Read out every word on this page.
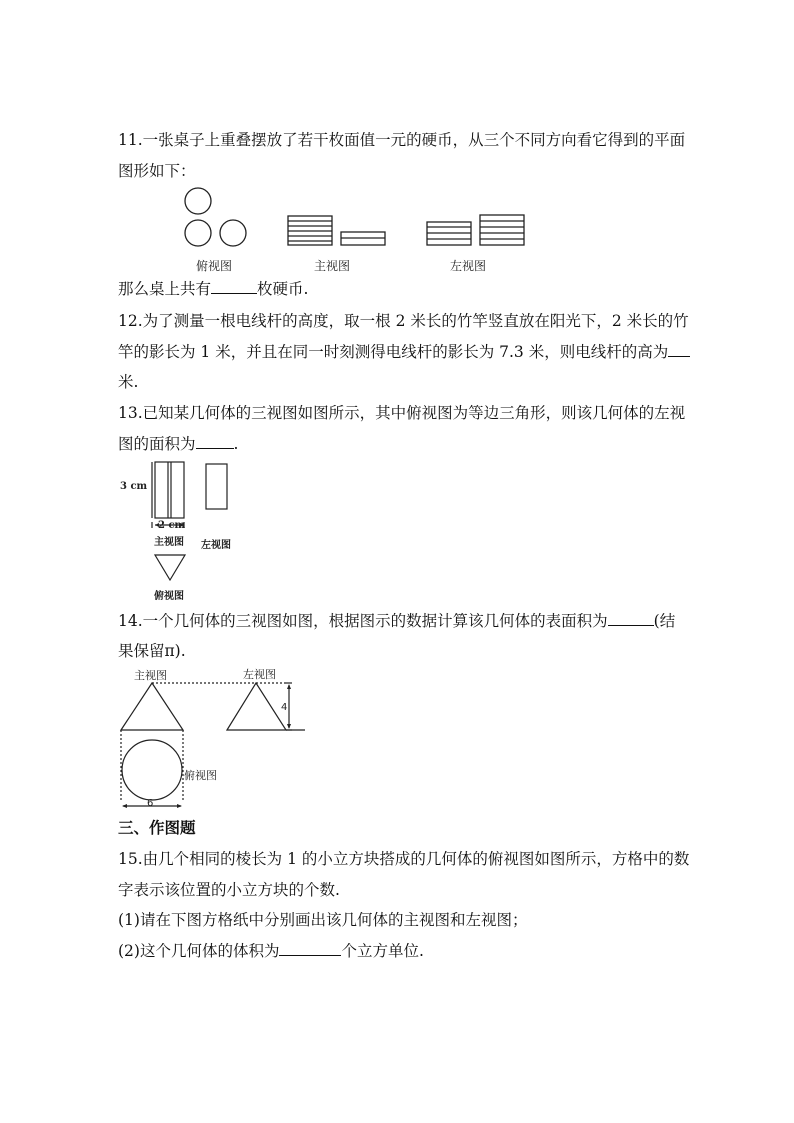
11.一张桌子上重叠摆放了若干枚面值一元的硬币，从三个不同方向看它得到的平面
图形如下：
俯视图	主视图	左视图
那么桌上共有	枚硬币.
12.为了测量一根电线杆的高度，取一根 2 米长的竹竿竖直放在阳光下，2 米长的竹
竿的影长为 1 米，并且在同一时刻测得电线杆的影长为 7.3 米，则电线杆的高为
米.
13.已知某几何体的三视图如图所示，其中俯视图为等边三角形，则该几何体的左视
图的面积为 .
3 cm
2 cm
主视图 左视图
俯视图
14.一个几何体的三视图如图，根据图示的数据计算该几何体的表面积为	(结
果保留π).
主视图	左视图
4
俯视图
6
三、作图题
15.由几个相同的棱长为 1 的小立方块搭成的几何体的俯视图如图所示，方格中的数
字表示该位置的小立方块的个数.
(1)请在下图方格纸中分别画出该几何体的主视图和左视图；
(2)这个几何体的体积为	个立方单位.
